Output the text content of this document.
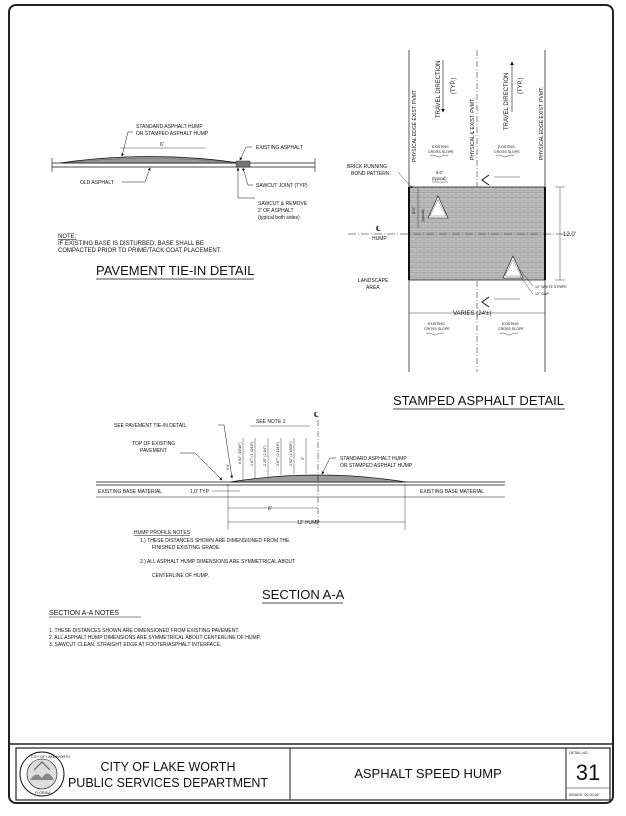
STANDARD ASPHALT HUMP
OR STAMPED ASPHALT HUMP
6'	EXISTING ASPHALT
OLD ASPHALT	SAWCUT JOINT (TYP)
SAWCUT & REMOVE
2' OF ASPHALT
(typical both sides)
NOTE:
IF EXISTING BASE IS DISTURBED, BASE SHALL BE
COMPACTED PRIOR TO PRIME/TACK COAT PLACEMENT.
PAVEMENT TIE-IN DETAIL
PHYSICAL EDGE EXIST. PVMT.	TRAVEL DIRECTION (TYP.)
PHYSICAL ℄ EXIST. PVMT.	TRAVEL DIRECTION (TYP.)
PHYSICAL EDGE EXIST. PVMT.
EXISTING
CROSS SLOPE
EXISTING
CROSS SLOPE
BRICK RUNNING
BOND PATTERN	6.0'
(typical)
6.0' (typical)
℄
HUMP
12.0'
LANDSCAPE
AREA	12" WHITE STRIPE
12" GAP
VARIES (24'±)
EXISTING
CROSS SLOPE
EXISTING
CROSS SLOPE
STAMPED ASPHALT DETAIL
SEE PAVEMENT TIE-IN DETAIL
SEE NOTE 1
℄
TOP OF EXISTING
PAVEMENT
STANDARD ASPHALT HUMP
OR STAMPED ASPHALT HUMP
0.0"
0.92" (15⁄16") 1.67" (1 11⁄16")	2.25" (2 1⁄4")	2.67" (2 11⁄16")	2.92" (2 15⁄16") 3"
EXISTING BASE MATERIAL	1.0' TYP.	EXISTING BASE MATERIAL
6'
12' HUMP
HUMP PROFILE NOTES
1.) THESE DISTANCES SHOWN ARE DIMENSIONED FROM THE
FINISHED EXISTING GRADE.
2.) ALL ASPHALT HUMP DIMENSIONS ARE SYMMETRICAL ABOUT
CENTERLINE OF HUMP.
SECTION A-A
SECTION A-A NOTES
1. THESE DISTANCES SHOWN ARE DIMENSIONED FROM EXISTING PAVEMENT.
2. ALL ASPHALT HUMP DIMENSIONS ARE SYMMETRICAL ABOUT CENTERLINE OF HUMP.
3. SAWCUT CLEAN, STRAIGHT EDGE AT FOOTER/ASPHALT INTERFACE.
CITY OF LAKE WORTH
FLORIDA
CITY OF LAKE WORTH
PUBLIC SERVICES DEPARTMENT
ASPHALT SPEED HUMP
DETAIL NO.
31
ISSUED: 00-00-00
